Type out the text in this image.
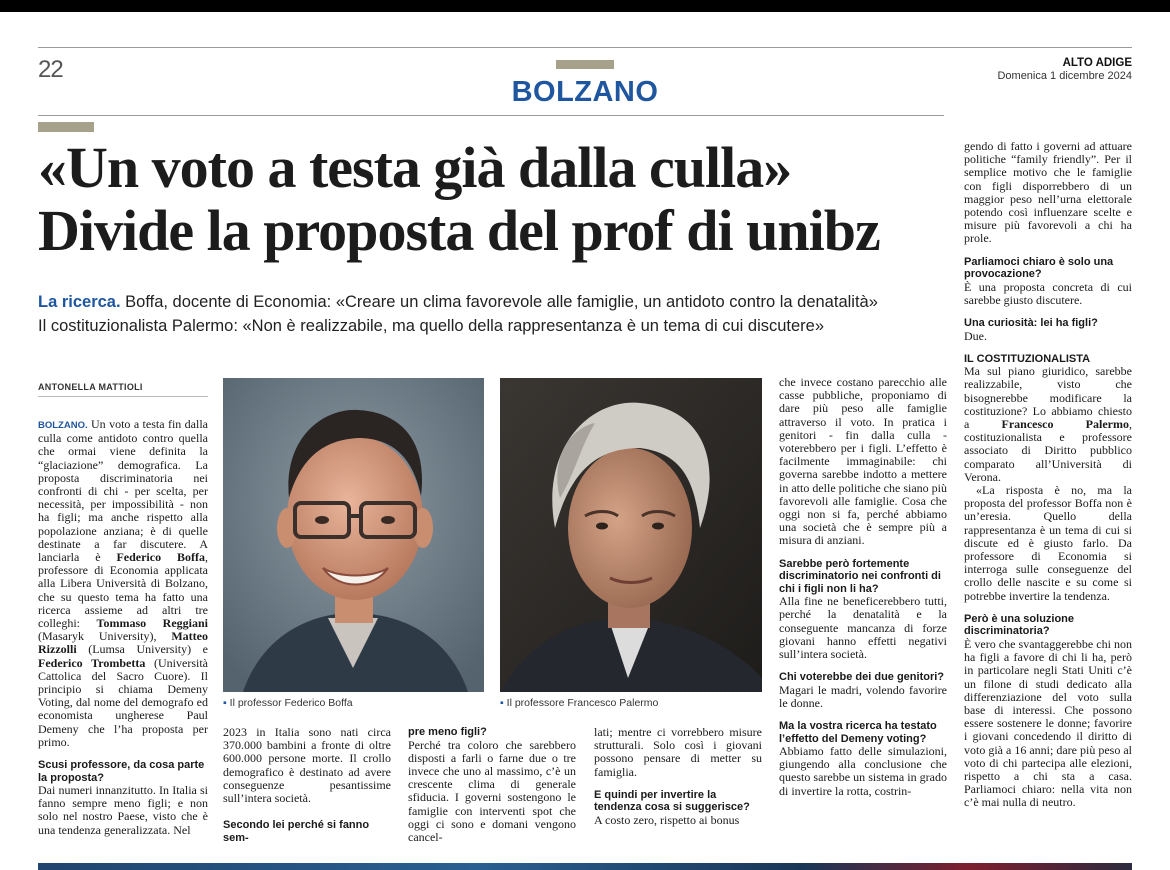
22
BOLZANO
ALTO ADIGE
Domenica 1 dicembre 2024
«Un voto a testa già dalla culla»
Divide la proposta del prof di unibz
La ricerca. Boffa, docente di Economia: «Creare un clima favorevole alle famiglie, un antidoto contro la denatalità»
Il costituzionalista Palermo: «Non è realizzabile, ma quello della rappresentanza è un tema di cui discutere»
ANTONELLA MATTIOLI

BOLZANO. Un voto a testa fin dalla culla come antidoto contro quella che ormai viene definita la “glaciazione” demografica. La proposta discriminatoria nei confronti di chi - per scelta, per necessità, per impossibilità - non ha figli; ma anche rispetto alla popolazione anziana; è di quelle destinate a far discutere. A lanciarla è Federico Boffa, professore di Economia applicata alla Libera Università di Bolzano, che su questo tema ha fatto una ricerca assieme ad altri tre colleghi: Tommaso Reggiani (Masaryk University), Matteo Rizzolli (Lumsa University) e Federico Trombetta (Università Cattolica del Sacro Cuore). Il principio si chiama Demeny Voting, dal nome del demografo ed economista ungherese Paul Demeny che l’ha proposta per primo.

Scusi professore, da cosa parte la proposta?

Dai numeri innanzitutto. In Italia si fanno sempre meno figli; e non solo nel nostro Paese, visto che è una tendenza generalizzata. Nel

▪ Il professor Federico Boffa	▪ Il professore Francesco Palermo

2023 in Italia sono nati circa 370.000 bambini a fronte di oltre 600.000 persone morte. Il crollo demografico è destinato ad avere conseguenze pesantissime sull’intera società.

Secondo lei perché si fanno sem-

pre meno figli?

Perché tra coloro che sarebbero disposti a farli o farne due o tre invece che uno al massimo, c’è un crescente clima di generale sfiducia. I governi sostengono le famiglie con interventi spot che oggi ci sono e domani vengono cancel-

lati; mentre ci vorrebbero misure strutturali. Solo così i giovani possono pensare di metter su famiglia.

E quindi per invertire la tendenza cosa si suggerisce?

A costo zero, rispetto ai bonus

che invece costano parecchio alle casse pubbliche, proponiamo di dare più peso alle famiglie attraverso il voto. In pratica i genitori - fin dalla culla - voterebbero per i figli. L’effetto è facilmente immaginabile: chi governa sarebbe indotto a mettere in atto delle politiche che siano più favorevoli alle famiglie. Cosa che oggi non si fa, perché abbiamo una società che è sempre più a misura di anziani.

Sarebbe però fortemente discriminatorio nei confronti di chi i figli non li ha?

Alla fine ne beneficerebbero tutti, perché la denatalità e la conseguente mancanza di forze giovani hanno effetti negativi sull’intera società.

Chi voterebbe dei due genitori?

Magari le madri, volendo favorire le donne.

Ma la vostra ricerca ha testato l’effetto del Demeny voting?

Abbiamo fatto delle simulazioni, giungendo alla conclusione che questo sarebbe un sistema in grado di invertire la rotta, costrin-

gendo di fatto i governi ad attuare politiche “family friendly”. Per il semplice motivo che le famiglie con figli disporrebbero di un maggior peso nell’urna elettorale potendo così influenzare scelte e misure più favorevoli a chi ha prole.

Parliamoci chiaro è solo una provocazione?

È una proposta concreta di cui sarebbe giusto discutere.

Una curiosità: lei ha figli?

Due.

IL COSTITUZIONALISTA

Ma sul piano giuridico, sarebbe realizzabile, visto che bisognerebbe modificare la costituzione? Lo abbiamo chiesto a Francesco Palermo, costituzionalista e professore associato di Diritto pubblico comparato all’Università di Verona.

«La risposta è no, ma la proposta del professor Boffa non è un’eresia. Quello della rappresentanza è un tema di cui si discute ed è giusto farlo. Da professore di Economia si interroga sulle conseguenze del crollo delle nascite e su come si potrebbe invertire la tendenza.

Però è una soluzione discriminatoria?

È vero che svantaggerebbe chi non ha figli a favore di chi li ha, però in particolare negli Stati Uniti c’è un filone di studi dedicato alla differenziazione del voto sulla base di interessi. Che possono essere sostenere le donne; favorire i giovani concedendo il diritto di voto già a 16 anni; dare più peso al voto di chi partecipa alle elezioni, rispetto a chi sta a casa. Parliamoci chiaro: nella vita non c’è mai nulla di neutro.
